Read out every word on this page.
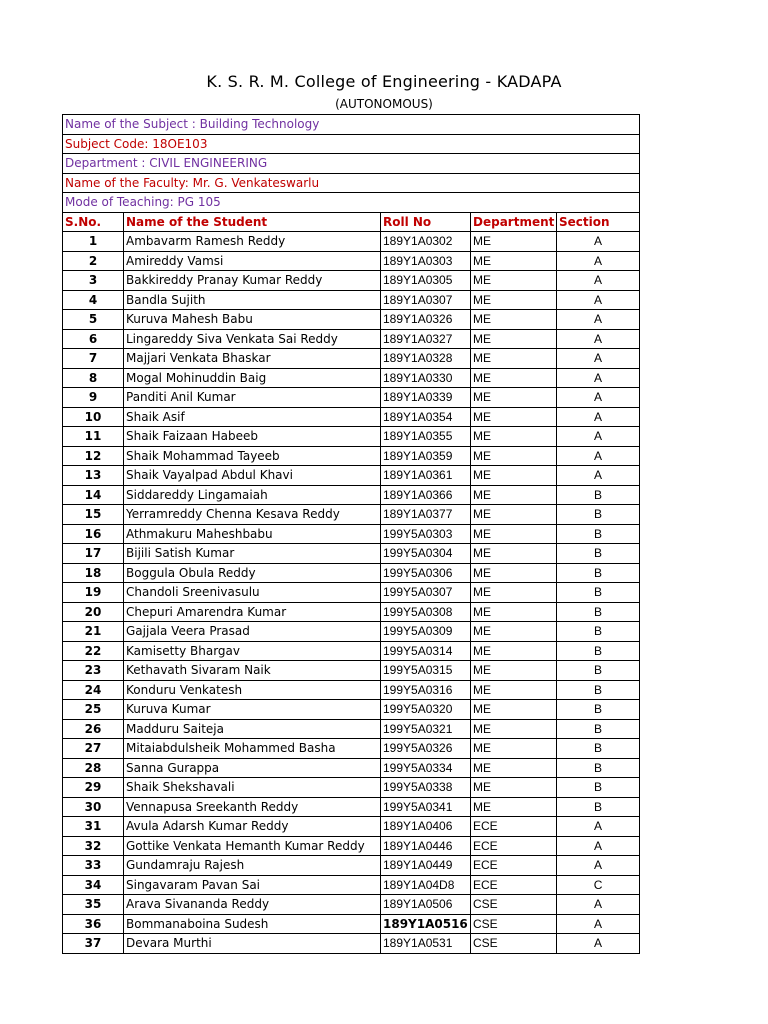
K. S. R. M. College of Engineering - KADAPA
(AUTONOMOUS)
Name of the Subject : Building Technology				
Subject Code: 18OE103				
Department : CIVIL ENGINEERING				
Name of the Faculty: Mr. G. Venkateswarlu				
Mode of Teaching: PG 105				
S.No.	Name of the Student	Roll No	Department	Section
1	Ambavarm Ramesh Reddy	189Y1A0302	ME	A
2	Amireddy Vamsi	189Y1A0303	ME	A
3	Bakkireddy Pranay Kumar Reddy	189Y1A0305	ME	A
4	Bandla Sujith	189Y1A0307	ME	A
5	Kuruva Mahesh Babu	189Y1A0326	ME	A
6	Lingareddy Siva Venkata Sai Reddy	189Y1A0327	ME	A
7	Majjari Venkata Bhaskar	189Y1A0328	ME	A
8	Mogal Mohinuddin Baig	189Y1A0330	ME	A
9	Panditi Anil Kumar	189Y1A0339	ME	A
10	Shaik Asif	189Y1A0354	ME	A
11	Shaik Faizaan Habeeb	189Y1A0355	ME	A
12	Shaik Mohammad Tayeeb	189Y1A0359	ME	A
13	Shaik Vayalpad Abdul Khavi	189Y1A0361	ME	A
14	Siddareddy Lingamaiah	189Y1A0366	ME	B
15	Yerramreddy Chenna Kesava Reddy	189Y1A0377	ME	B
16	Athmakuru Maheshbabu	199Y5A0303	ME	B
17	Bijili Satish Kumar	199Y5A0304	ME	B
18	Boggula Obula Reddy	199Y5A0306	ME	B
19	Chandoli Sreenivasulu	199Y5A0307	ME	B
20	Chepuri Amarendra Kumar	199Y5A0308	ME	B
21	Gajjala Veera Prasad	199Y5A0309	ME	B
22	Kamisetty Bhargav	199Y5A0314	ME	B
23	Kethavath Sivaram Naik	199Y5A0315	ME	B
24	Konduru Venkatesh	199Y5A0316	ME	B
25	Kuruva Kumar	199Y5A0320	ME	B
26	Madduru Saiteja	199Y5A0321	ME	B
27	Mitaiabdulsheik Mohammed Basha	199Y5A0326	ME	B
28	Sanna Gurappa	199Y5A0334	ME	B
29	Shaik Shekshavali	199Y5A0338	ME	B
30	Vennapusa Sreekanth Reddy	199Y5A0341	ME	B
31	Avula Adarsh Kumar Reddy	189Y1A0406	ECE	A
32	Gottike Venkata Hemanth Kumar Reddy	189Y1A0446	ECE	A
33	Gundamraju Rajesh	189Y1A0449	ECE	A
34	Singavaram Pavan Sai	189Y1A04D8	ECE	C
35	Arava Sivananda Reddy	189Y1A0506	CSE	A
36	Bommanaboina Sudesh	189Y1A0516	CSE	A
37	Devara Murthi	189Y1A0531	CSE	A
